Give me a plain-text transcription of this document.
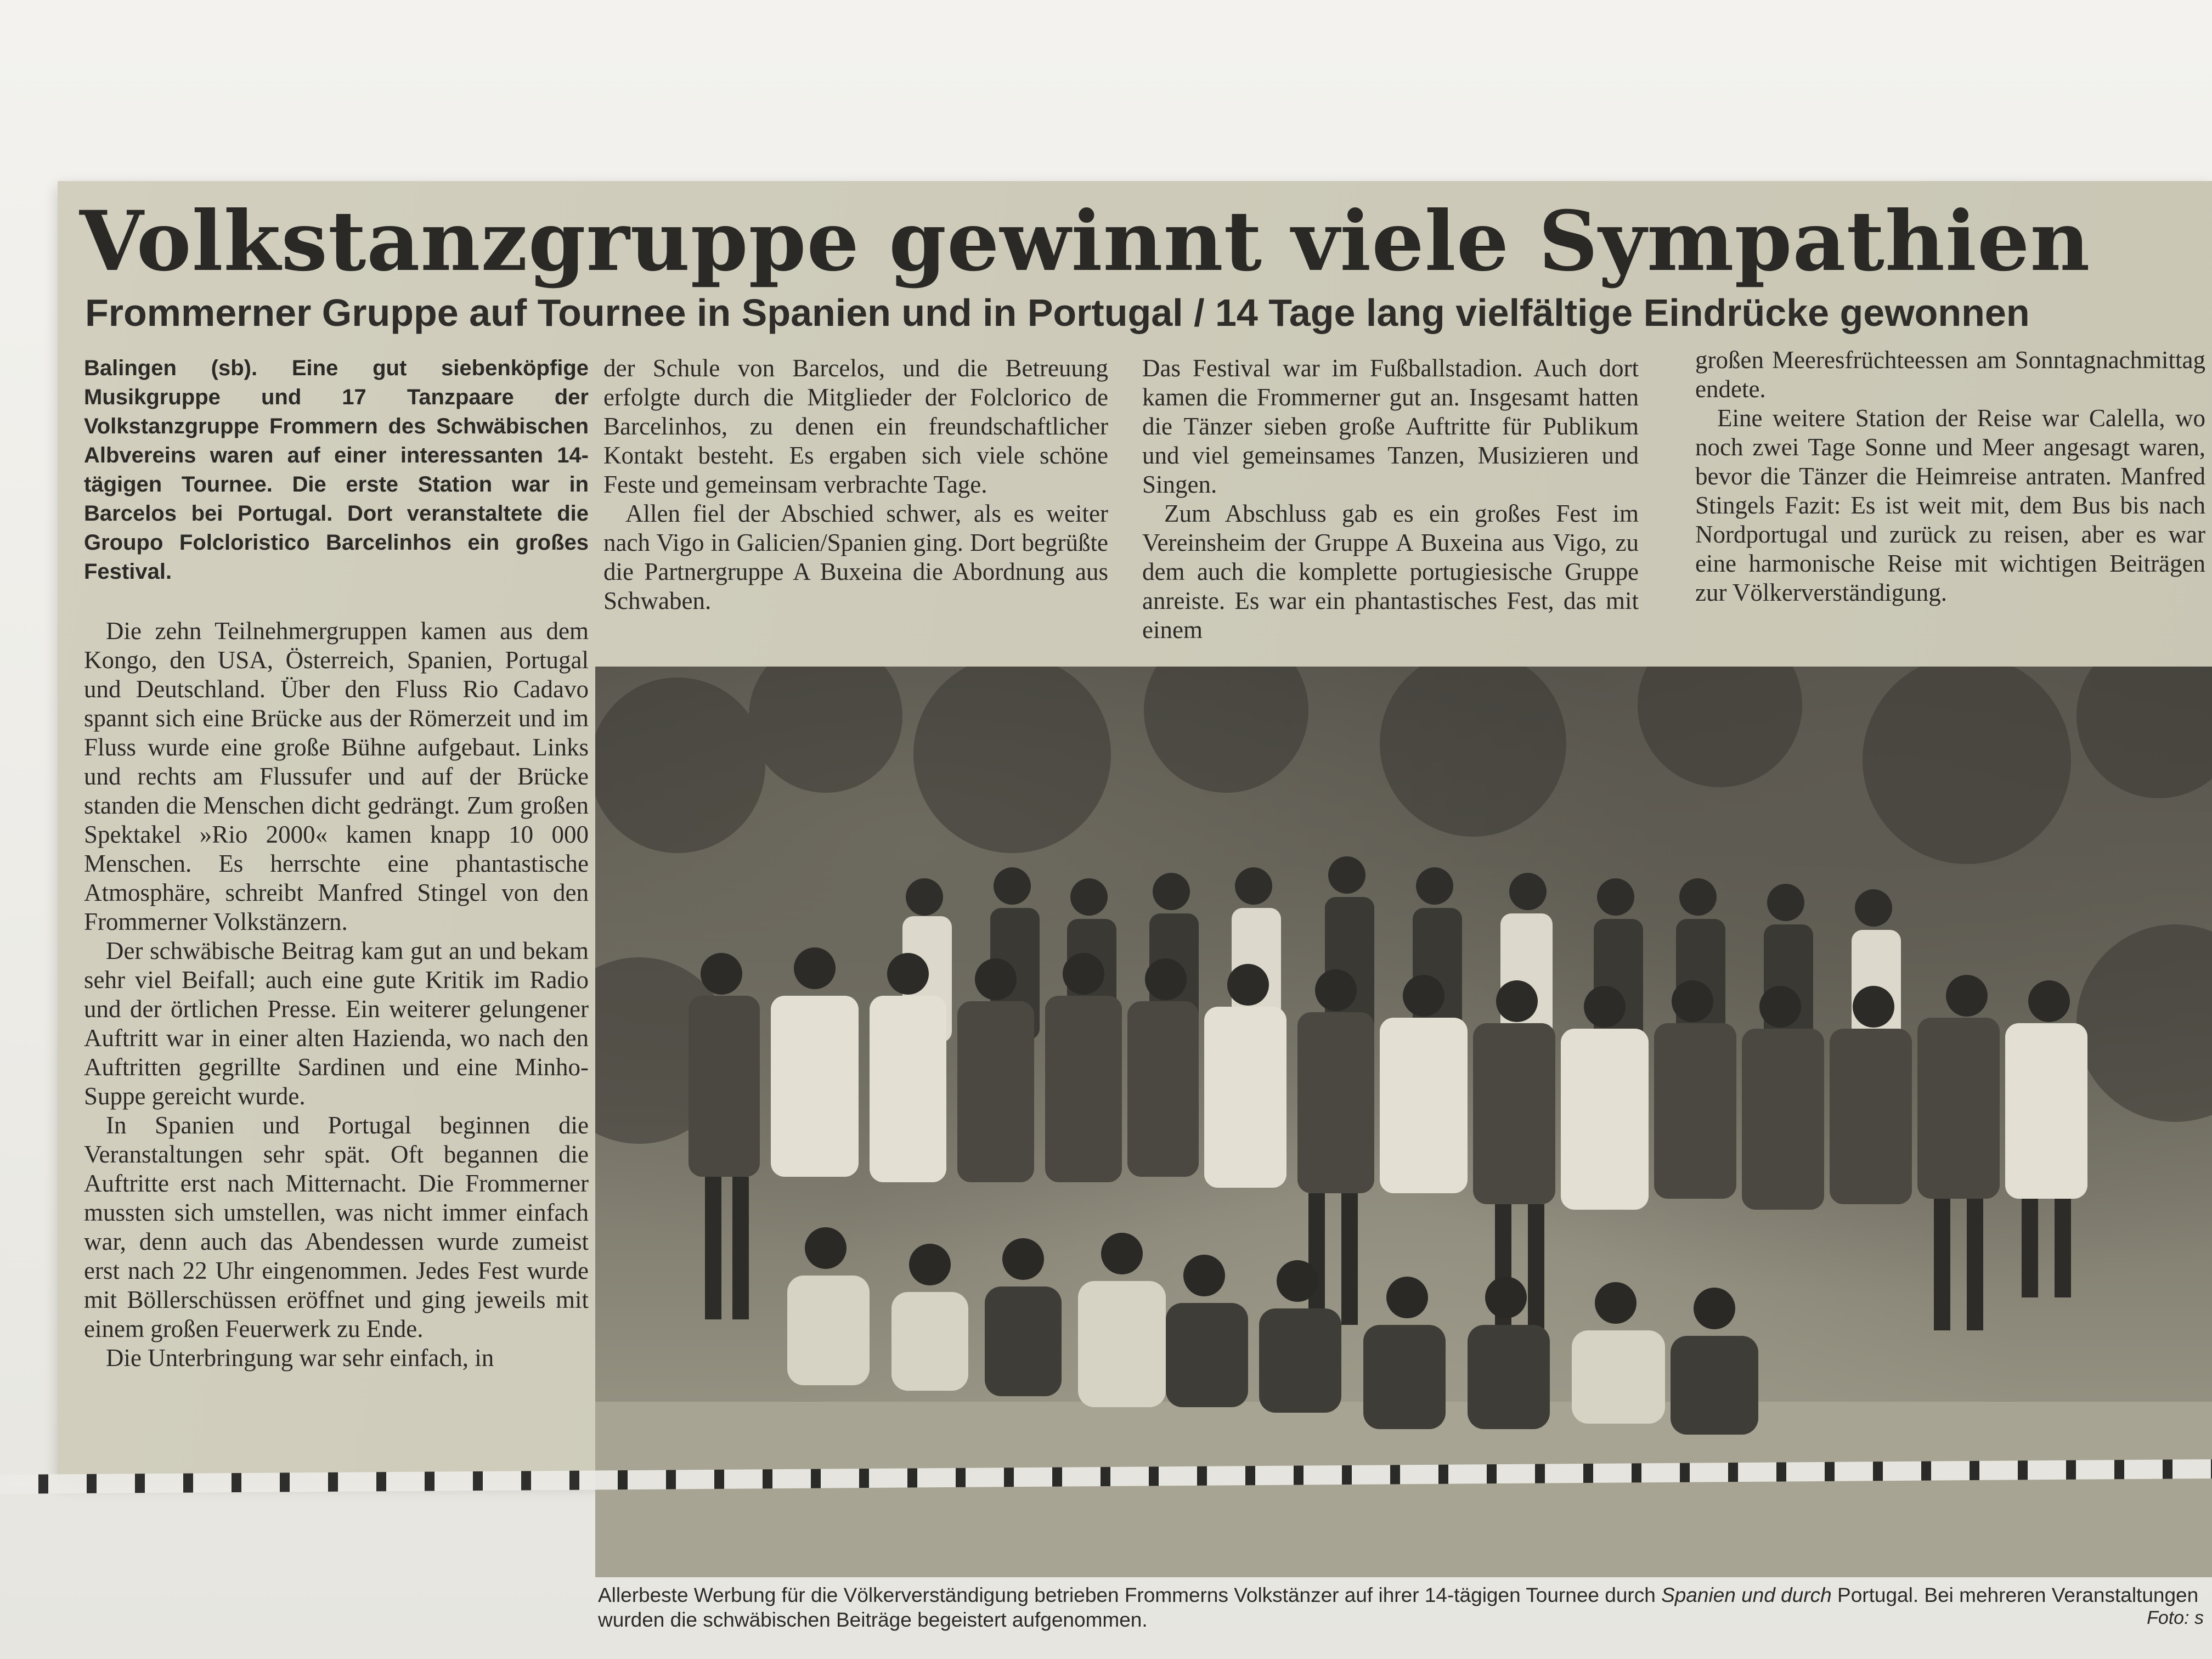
Volkstanzgruppe gewinnt viele Sympathien
Frommerner Gruppe auf Tournee in Spanien und in Portugal / 14 Tage lang vielfältige Eindrücke gewonnen

Balingen (sb). Eine gut siebenköpfige Musikgruppe und 17 Tanzpaare der Volkstanzgruppe Frommern des Schwäbischen Albvereins waren auf einer interessanten 14-tägigen Tournee. Die erste Station war in Barcelos bei Portugal. Dort veranstaltete die Groupo Folcloristico Barcelinhos ein großes Festival.

Die zehn Teilnehmergruppen kamen aus dem Kongo, den USA, Österreich, Spanien, Portugal und Deutschland. Über den Fluss Rio Cadavo spannt sich eine Brücke aus der Römerzeit und im Fluss wurde eine große Bühne aufgebaut. Links und rechts am Flussufer und auf der Brücke standen die Menschen dicht gedrängt. Zum großen Spektakel »Rio 2000« kamen knapp 10 000 Menschen. Es herrschte eine phantastische Atmosphäre, schreibt Manfred Stingel von den Frommerner Volkstänzern.

Der schwäbische Beitrag kam gut an und bekam sehr viel Beifall; auch eine gute Kritik im Radio und der örtlichen Presse. Ein weiterer gelungener Auftritt war in einer alten Hazienda, wo nach den Auftritten gegrillte Sardinen und eine Minho-Suppe gereicht wurde.

In Spanien und Portugal beginnen die Veranstaltungen sehr spät. Oft begannen die Auftritte erst nach Mitternacht. Die Frommerner mussten sich umstellen, was nicht immer einfach war, denn auch das Abendessen wurde zumeist erst nach 22 Uhr eingenommen. Jedes Fest wurde mit Böllerschüssen eröffnet und ging jeweils mit einem großen Feuerwerk zu Ende.

Die Unterbringung war sehr einfach, in

der Schule von Barcelos, und die Betreuung erfolgte durch die Mitglieder der Folclorico de Barcelinhos, zu denen ein freundschaftlicher Kontakt besteht. Es ergaben sich viele schöne Feste und gemeinsam verbrachte Tage.

Allen fiel der Abschied schwer, als es weiter nach Vigo in Galicien/Spanien ging. Dort begrüßte die Partnergruppe A Buxeina die Abordnung aus Schwaben.

Das Festival war im Fußballstadion. Auch dort kamen die Frommerner gut an. Insgesamt hatten die Tänzer sieben große Auftritte für Publikum und viel gemeinsames Tanzen, Musizieren und Singen.

Zum Abschluss gab es ein großes Fest im Vereinsheim der Gruppe A Buxeina aus Vigo, zu dem auch die komplette portugiesische Gruppe anreiste. Es war ein phantastisches Fest, das mit einem

großen Meeresfrüchteessen am Sonntagnachmittag endete.

Eine weitere Station der Reise war Calella, wo noch zwei Tage Sonne und Meer angesagt waren, bevor die Tänzer die Heimreise antraten. Manfred Stingels Fazit: Es ist weit mit, dem Bus bis nach Nordportugal und zurück zu reisen, aber es war eine harmonische Reise mit wichtigen Beiträgen zur Völkerverständigung.

Allerbeste Werbung für die Völkerverständigung betrieben Frommerns Volkstänzer auf ihrer 14-tägigen Tournee durch Spanien und durch Portugal. Bei mehreren Veranstaltungen wurden die schwäbischen Beiträge begeistert aufgenommen.	Foto: s
